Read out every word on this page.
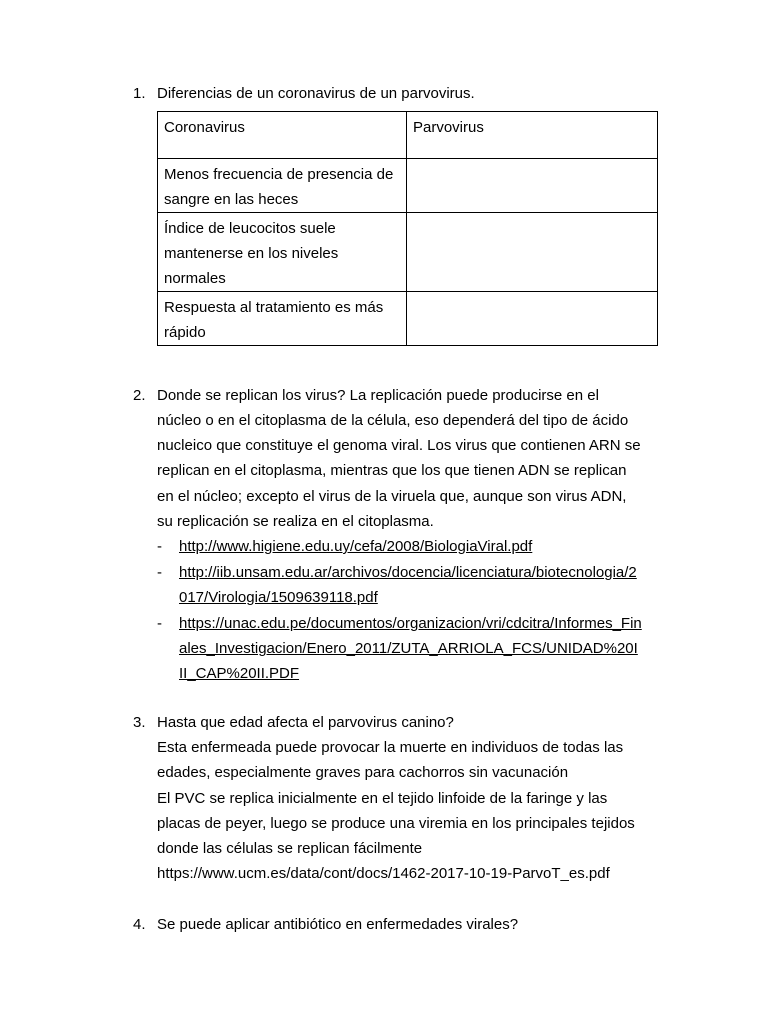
1. Diferencias de un coronavirus de un parvovirus.
Coronavirus	Parvovirus

Menos frecuencia de presencia de
sangre en las heces	

Índice de leucocitos suele
mantenerse en los niveles
normales	

Respuesta al tratamiento es más
rápido	

2. Donde se replican los virus? La replicación puede producirse en el
núcleo o en el citoplasma de la célula, eso dependerá del tipo de ácido
nucleico que constituye el genoma viral. Los virus que contienen ARN se
replican en el citoplasma, mientras que los que tienen ADN se replican
en el núcleo; excepto el virus de la viruela que, aunque son virus ADN,
su replicación se realiza en el citoplasma.
- http://www.higiene.edu.uy/cefa/2008/BiologiaViral.pdf
- http://iib.unsam.edu.ar/archivos/docencia/licenciatura/biotecnologia/2
017/Virologia/1509639118.pdf
- https://unac.edu.pe/documentos/organizacion/vri/cdcitra/Informes_Fin
ales_Investigacion/Enero_2011/ZUTA_ARRIOLA_FCS/UNIDAD%20I
II_CAP%20II.PDF
3. Hasta que edad afecta el parvovirus canino?
Esta enfermeada puede provocar la muerte en individuos de todas las
edades, especialmente graves para cachorros sin vacunación
El PVC se replica inicialmente en el tejido linfoide de la faringe y las
placas de peyer, luego se produce una viremia en los principales tejidos
donde las células se replican fácilmente
https://www.ucm.es/data/cont/docs/1462-2017-10-19-ParvoT_es.pdf
4. Se puede aplicar antibiótico en enfermedades virales?
